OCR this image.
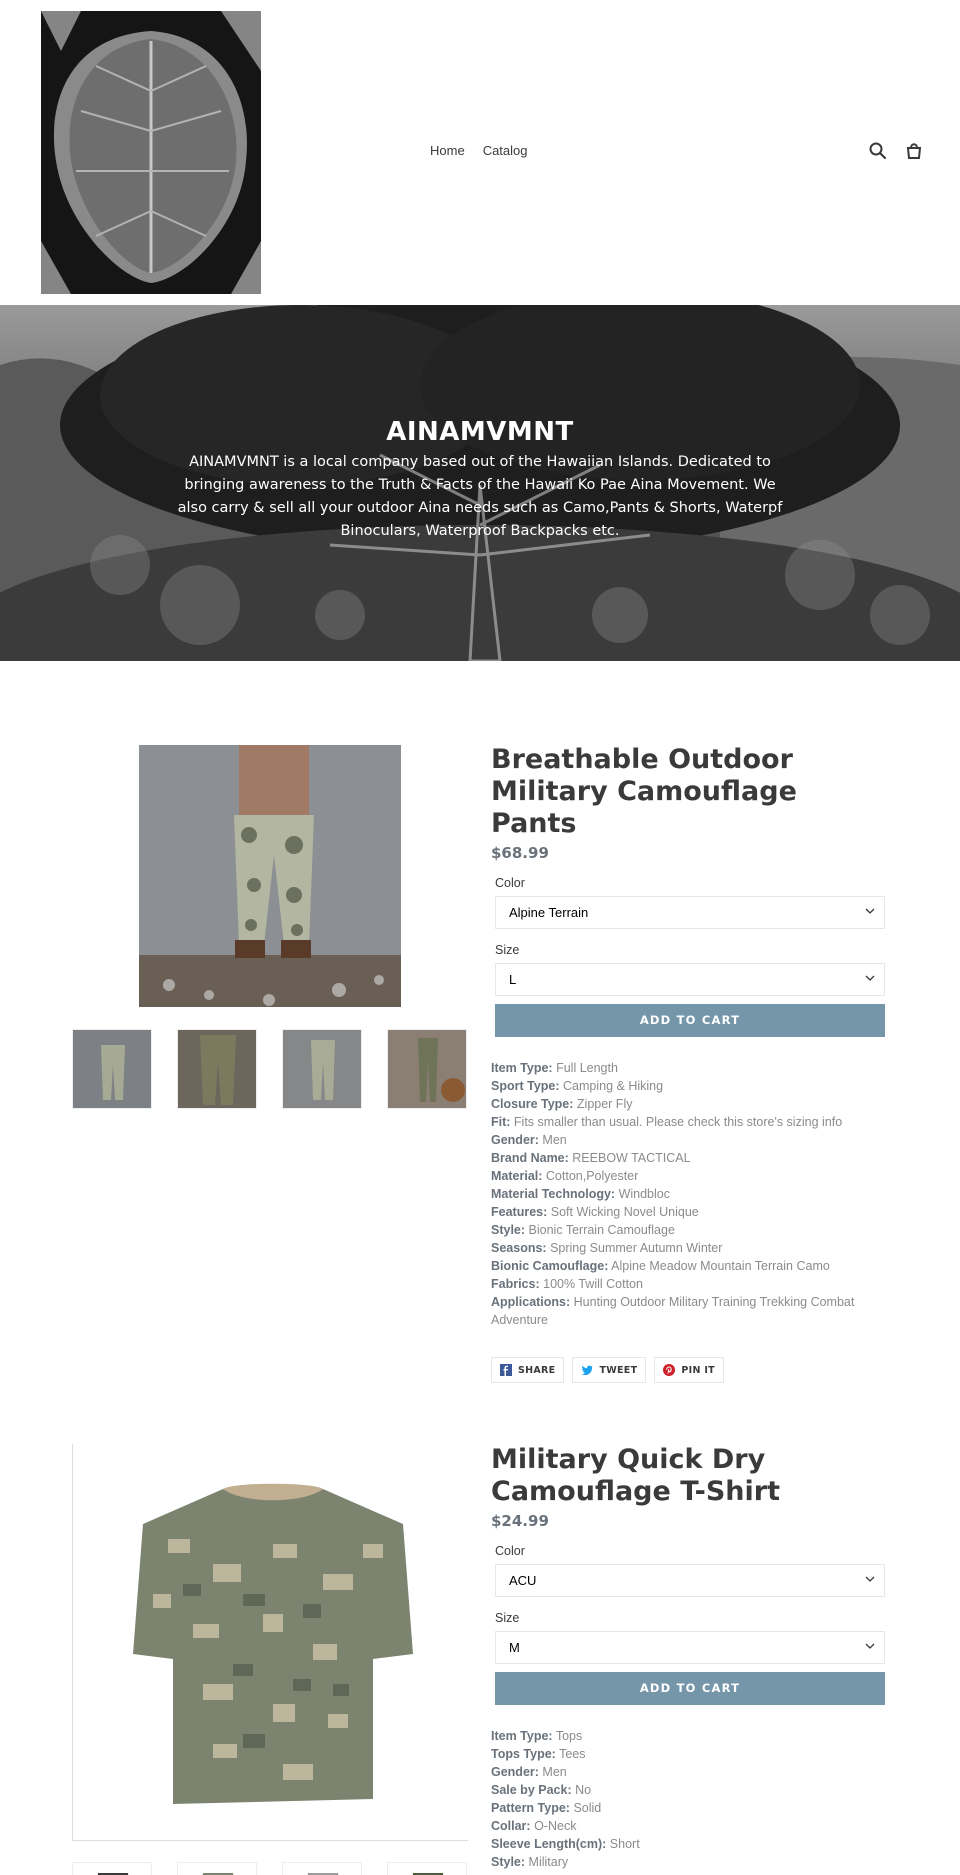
Home Catalog
AINAMVMNT
AINAMVMNT is a local company based out of the Hawaiian Islands. Dedicated to bringing awareness to the Truth & Facts of the Hawaii Ko Pae Aina Movement. We also carry & sell all your outdoor Aina needs such as Camo,Pants & Shorts, Waterpf Binoculars, Waterproof Backpacks etc.
Breathable Outdoor Military Camouflage Pants
$68.99
Color
Alpine Terrain
Size
L
ADD TO CART
Item Type: Full Length
Sport Type: Camping & Hiking
Closure Type: Zipper Fly
Fit: Fits smaller than usual. Please check this store's sizing info
Gender: Men
Brand Name: REEBOW TACTICAL
Material: Cotton,Polyester
Material Technology: Windbloc
Features: Soft Wicking Novel Unique
Style: Bionic Terrain Camouflage
Seasons: Spring Summer Autumn Winter
Bionic Camouflage: Alpine Meadow Mountain Terrain Camo
Fabrics: 100% Twill Cotton
Applications: Hunting Outdoor Military Training Trekking Combat Adventure
SHARE	TWEET	PIN IT
Military Quick Dry Camouflage T-Shirt
$24.99
Color
ACU
Size
M
ADD TO CART
Item Type: Tops
Tops Type: Tees
Gender: Men
Sale by Pack: No
Pattern Type: Solid
Collar: O-Neck
Sleeve Length(cm): Short
Style: Military
